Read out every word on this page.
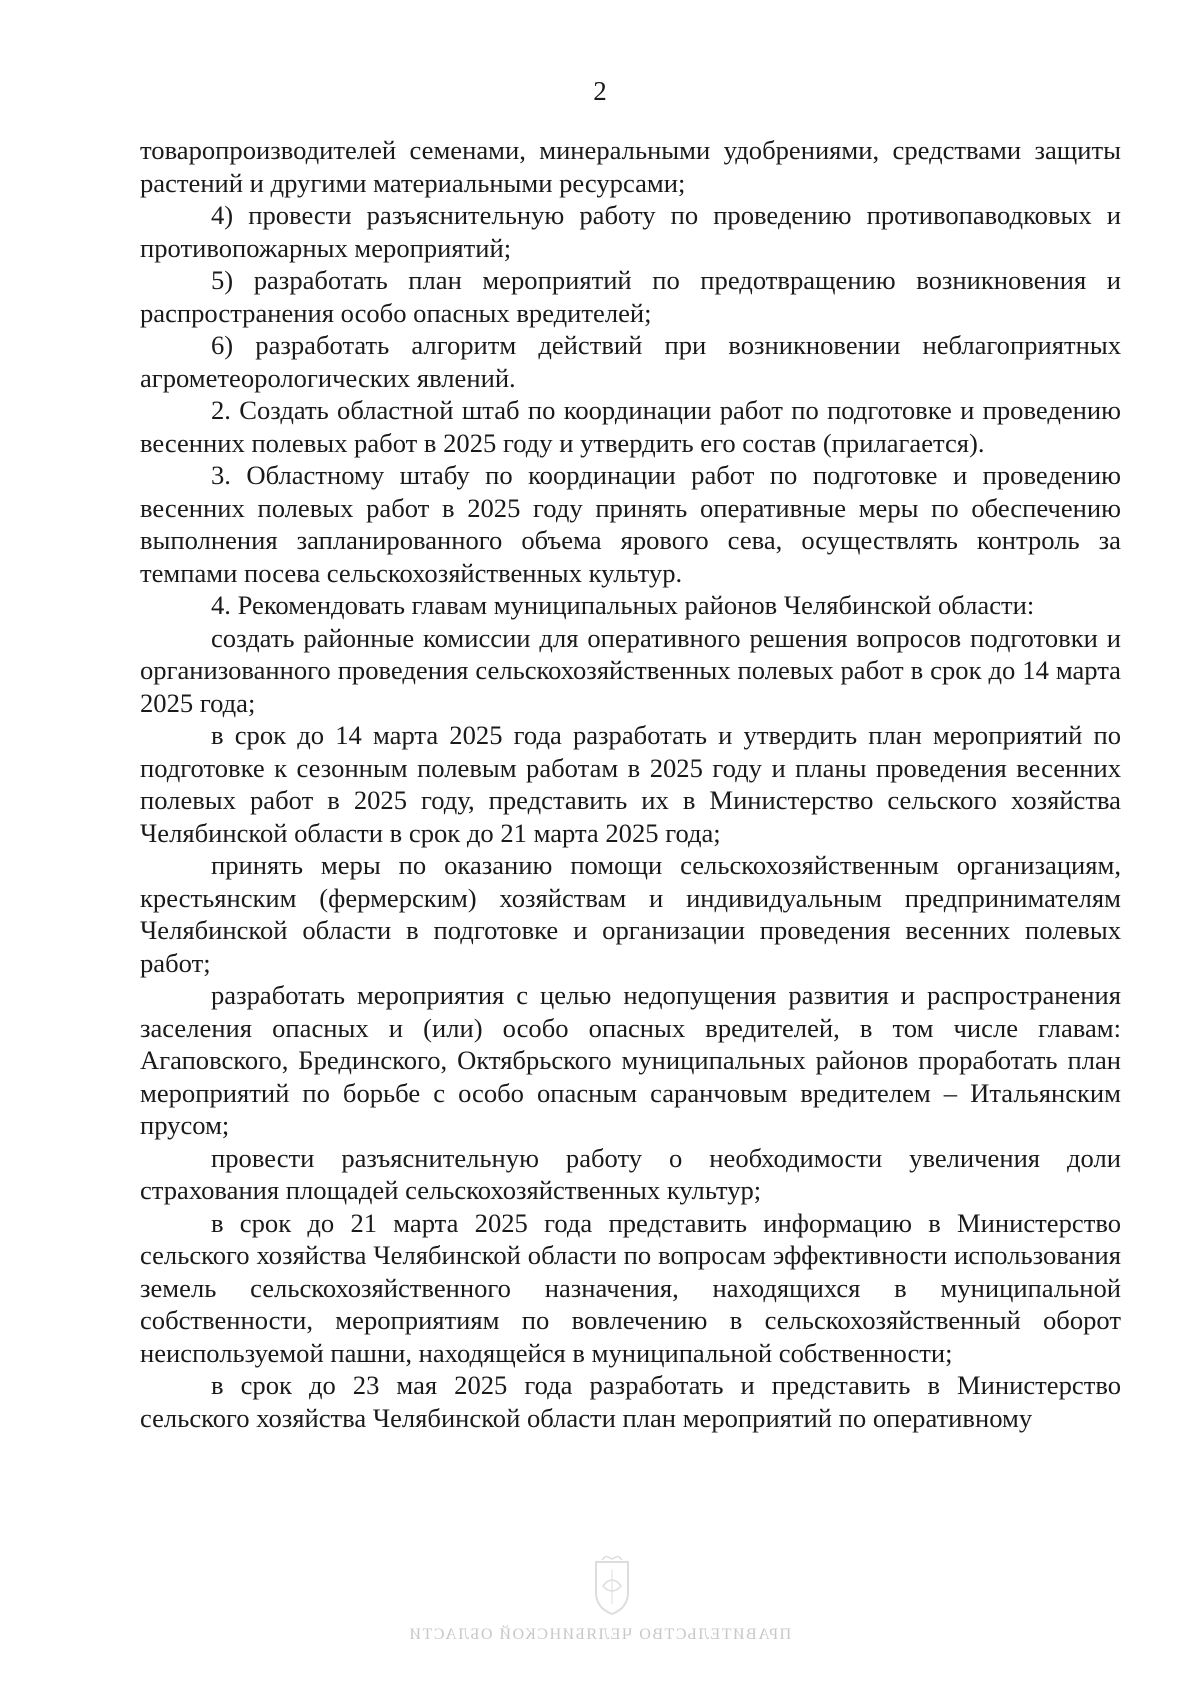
2

товаропроизводителей семенами, минеральными удобрениями, средствами защиты растений и другими материальными ресурсами;

4) провести разъяснительную работу по проведению противопаводковых и противопожарных мероприятий;

5) разработать план мероприятий по предотвращению возникновения и распространения особо опасных вредителей;

6) разработать алгоритм действий при возникновении неблагоприятных агрометеорологических явлений.

2. Создать областной штаб по координации работ по подготовке и проведению весенних полевых работ в 2025 году и утвердить его состав (прилагается).

3. Областному штабу по координации работ по подготовке и проведению весенних полевых работ в 2025 году принять оперативные меры по обеспечению выполнения запланированного объема ярового сева, осуществлять контроль за темпами посева сельскохозяйственных культур.

4. Рекомендовать главам муниципальных районов Челябинской области:

создать районные комиссии для оперативного решения вопросов подготовки и организованного проведения сельскохозяйственных полевых работ в срок до 14 марта 2025 года;

в срок до 14 марта 2025 года разработать и утвердить план мероприятий по подготовке к сезонным полевым работам в 2025 году и планы проведения весенних полевых работ в 2025 году, представить их в Министерство сельского хозяйства Челябинской области в срок до 21 марта 2025 года;

принять меры по оказанию помощи сельскохозяйственным организациям, крестьянским (фермерским) хозяйствам и индивидуальным предпринимателям Челябинской области в подготовке и организации проведения весенних полевых работ;

разработать мероприятия с целью недопущения развития и распространения заселения опасных и (или) особо опасных вредителей, в том числе главам: Агаповского, Брединского, Октябрьского муниципальных районов проработать план мероприятий по борьбе с особо опасным саранчовым вредителем – Итальянским прусом;

провести разъяснительную работу о необходимости увеличения доли страхования площадей сельскохозяйственных культур;

в срок до 21 марта 2025 года представить информацию в Министерство сельского хозяйства Челябинской области по вопросам эффективности использования земель сельскохозяйственного назначения, находящихся в муниципальной собственности, мероприятиям по вовлечению в сельскохозяйственный оборот неиспользуемой пашни, находящейся в муниципальной собственности;

в срок до 23 мая 2025 года разработать и представить в Министерство сельского хозяйства Челябинской области план мероприятий по оперативному

ПРАВИТЕЛЬСТВО ЧЕЛЯБИНСКОЙ ОБЛАСТИ
